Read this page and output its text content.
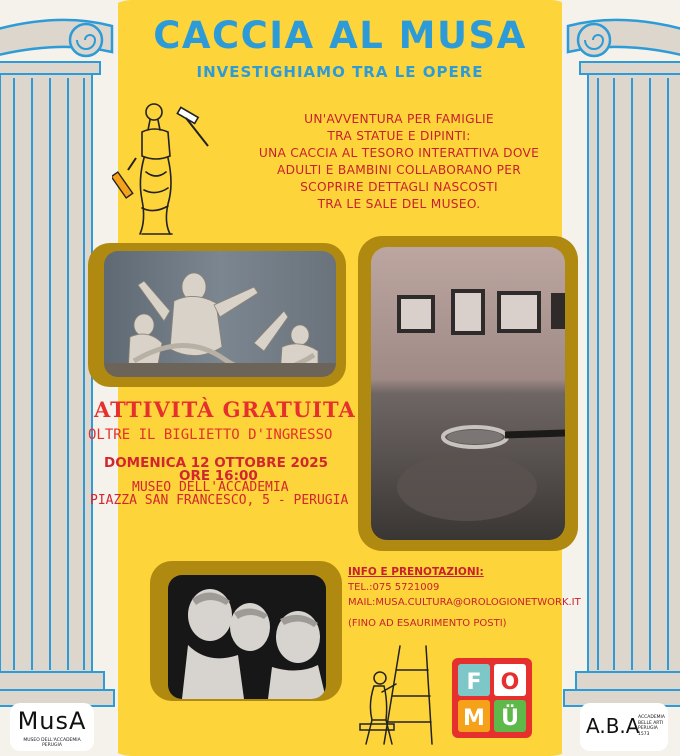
CACCIA AL MUSA
INVESTIGHIAMO TRA LE OPERE
UN'AVVENTURA PER FAMIGLIE
TRA STATUE E DIPINTI:
UNA CACCIA AL TESORO INTERATTIVA DOVE
ADULTI E BAMBINI COLLABORANO PER
SCOPRIRE DETTAGLI NASCOSTI
TRA LE SALE DEL MUSEO.
ATTIVITÀ GRATUITA
OLTRE IL BIGLIETTO D'INGRESSO
DOMENICA 12 OTTOBRE 2025
ORE 16:00
MUSEO DELL'ACCADEMIA
PIAZZA SAN FRANCESCO, 5 - PERUGIA
INFO E PRENOTAZIONI:
TEL.:075 5721009
MAIL:MUSA.CULTURA@OROLOGIONETWORK.IT
(FINO AD ESAURIMENTO POSTI)
F O
M Ü
MusA
MUSEO DELL'ACCADEMIA PERUGIA
A.B.A
ACCADEMIA BELLE ARTI PERUGIA 1573
